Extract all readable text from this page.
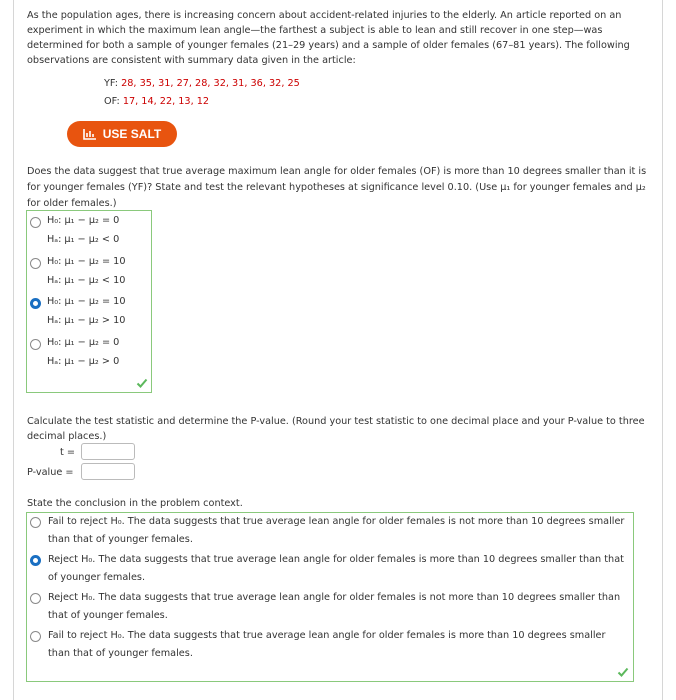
As the population ages, there is increasing concern about accident-related injuries to the elderly. An article reported on an experiment in which the maximum lean angle—the farthest a subject is able to lean and still recover in one step—was determined for both a sample of younger females (21–29 years) and a sample of older females (67–81 years). The following observations are consistent with summary data given in the article:
YF: 28, 35, 31, 27, 28, 32, 31, 36, 32, 25
OF: 17, 14, 22, 13, 12
USE SALT
Does the data suggest that true average maximum lean angle for older females (OF) is more than 10 degrees smaller than it is for younger females (YF)? State and test the relevant hypotheses at significance level 0.10. (Use μ₁ for younger females and μ₂ for older females.)
H₀: μ₁ − μ₂ = 0
Hₐ: μ₁ − μ₂ < 0
H₀: μ₁ − μ₂ = 10
Hₐ: μ₁ − μ₂ < 10
H₀: μ₁ − μ₂ = 10
Hₐ: μ₁ − μ₂ > 10
H₀: μ₁ − μ₂ = 0
Hₐ: μ₁ − μ₂ > 0
Calculate the test statistic and determine the P-value. (Round your test statistic to one decimal place and your P-value to three decimal places.)
t =
P-value =
State the conclusion in the problem context.
Fail to reject H₀. The data suggests that true average lean angle for older females is not more than 10 degrees smaller than that of younger females.
Reject H₀. The data suggests that true average lean angle for older females is more than 10 degrees smaller than that of younger females.
Reject H₀. The data suggests that true average lean angle for older females is not more than 10 degrees smaller than that of younger females.
Fail to reject H₀. The data suggests that true average lean angle for older females is more than 10 degrees smaller than that of younger females.
